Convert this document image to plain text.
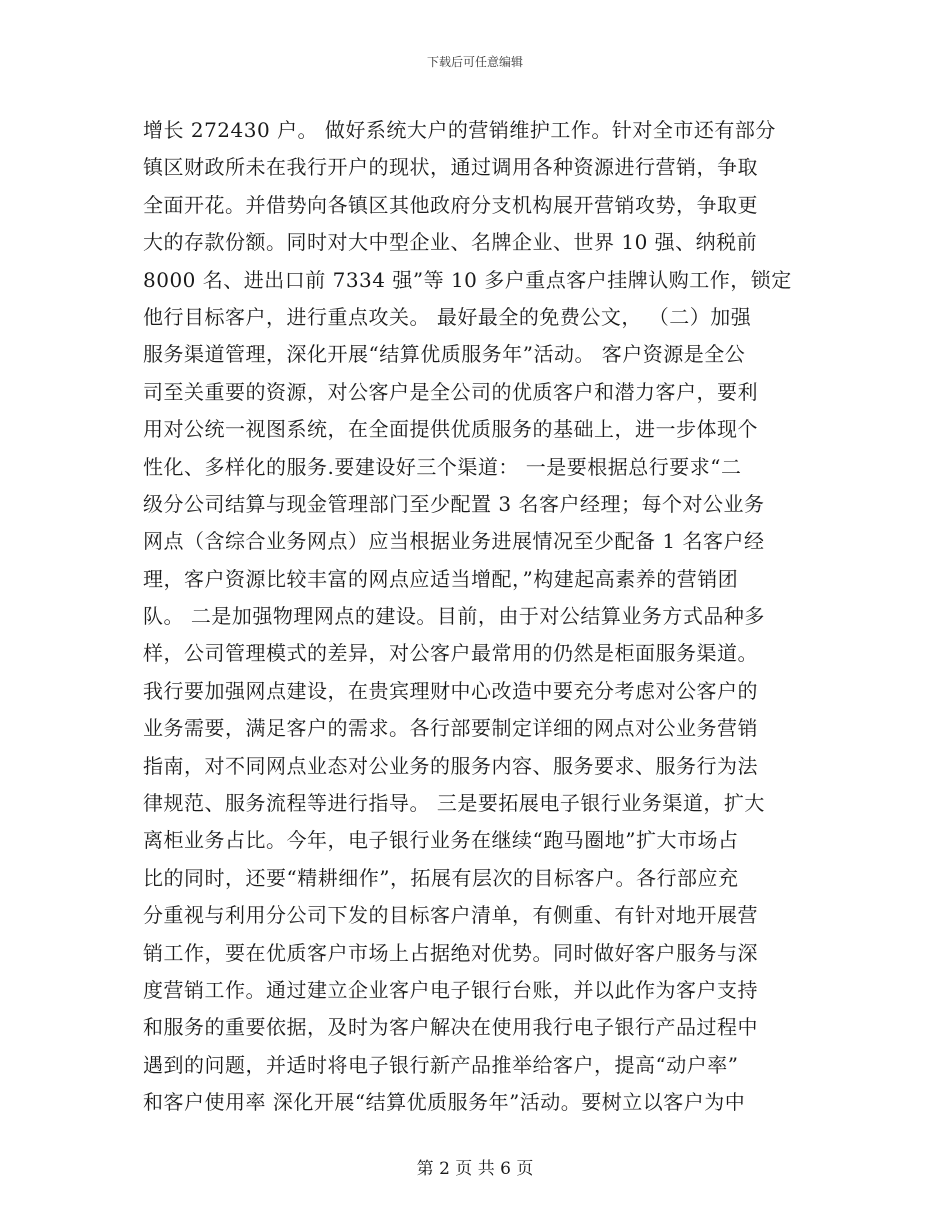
下载后可任意编辑
增长 272430 户。 做好系统大户的营销维护工作。针对全市还有部分
镇区财政所未在我行开户的现状，通过调用各种资源进行营销，争取
全面开花。并借势向各镇区其他政府分支机构展开营销攻势，争取更
大的存款份额。同时对大中型企业、名牌企业、世界 10 强、纳税前
8000 名、进出口前 7334 强”等 10 多户重点客户挂牌认购工作，锁定
他行目标客户，进行重点攻关。 最好最全的免费公文， （二）加强
服务渠道管理，深化开展“结算优质服务年”活动。 客户资源是全公
司至关重要的资源，对公客户是全公司的优质客户和潜力客户，要利
用对公统一视图系统，在全面提供优质服务的基础上，进一步体现个
性化、多样化的服务.要建设好三个渠道： 一是要根据总行要求“二
级分公司结算与现金管理部门至少配置 3 名客户经理；每个对公业务
网点（含综合业务网点）应当根据业务进展情况至少配备 1 名客户经
理，客户资源比较丰富的网点应适当增配，”构建起高素养的营销团
队。 二是加强物理网点的建设。目前，由于对公结算业务方式品种多
样，公司管理模式的差异，对公客户最常用的仍然是柜面服务渠道。
我行要加强网点建设，在贵宾理财中心改造中要充分考虑对公客户的
业务需要，满足客户的需求。各行部要制定详细的网点对公业务营销
指南，对不同网点业态对公业务的服务内容、服务要求、服务行为法
律规范、服务流程等进行指导。 三是要拓展电子银行业务渠道，扩大
离柜业务占比。今年，电子银行业务在继续“跑马圈地”扩大市场占
比的同时，还要“精耕细作”，拓展有层次的目标客户。各行部应充
分重视与利用分公司下发的目标客户清单，有侧重、有针对地开展营
销工作，要在优质客户市场上占据绝对优势。同时做好客户服务与深
度营销工作。通过建立企业客户电子银行台账，并以此作为客户支持
和服务的重要依据，及时为客户解决在使用我行电子银行产品过程中
遇到的问题，并适时将电子银行新产品推举给客户，提高“动户率”
和客户使用率 深化开展“结算优质服务年”活动。要树立以客户为中
第 2 页 共 6 页
